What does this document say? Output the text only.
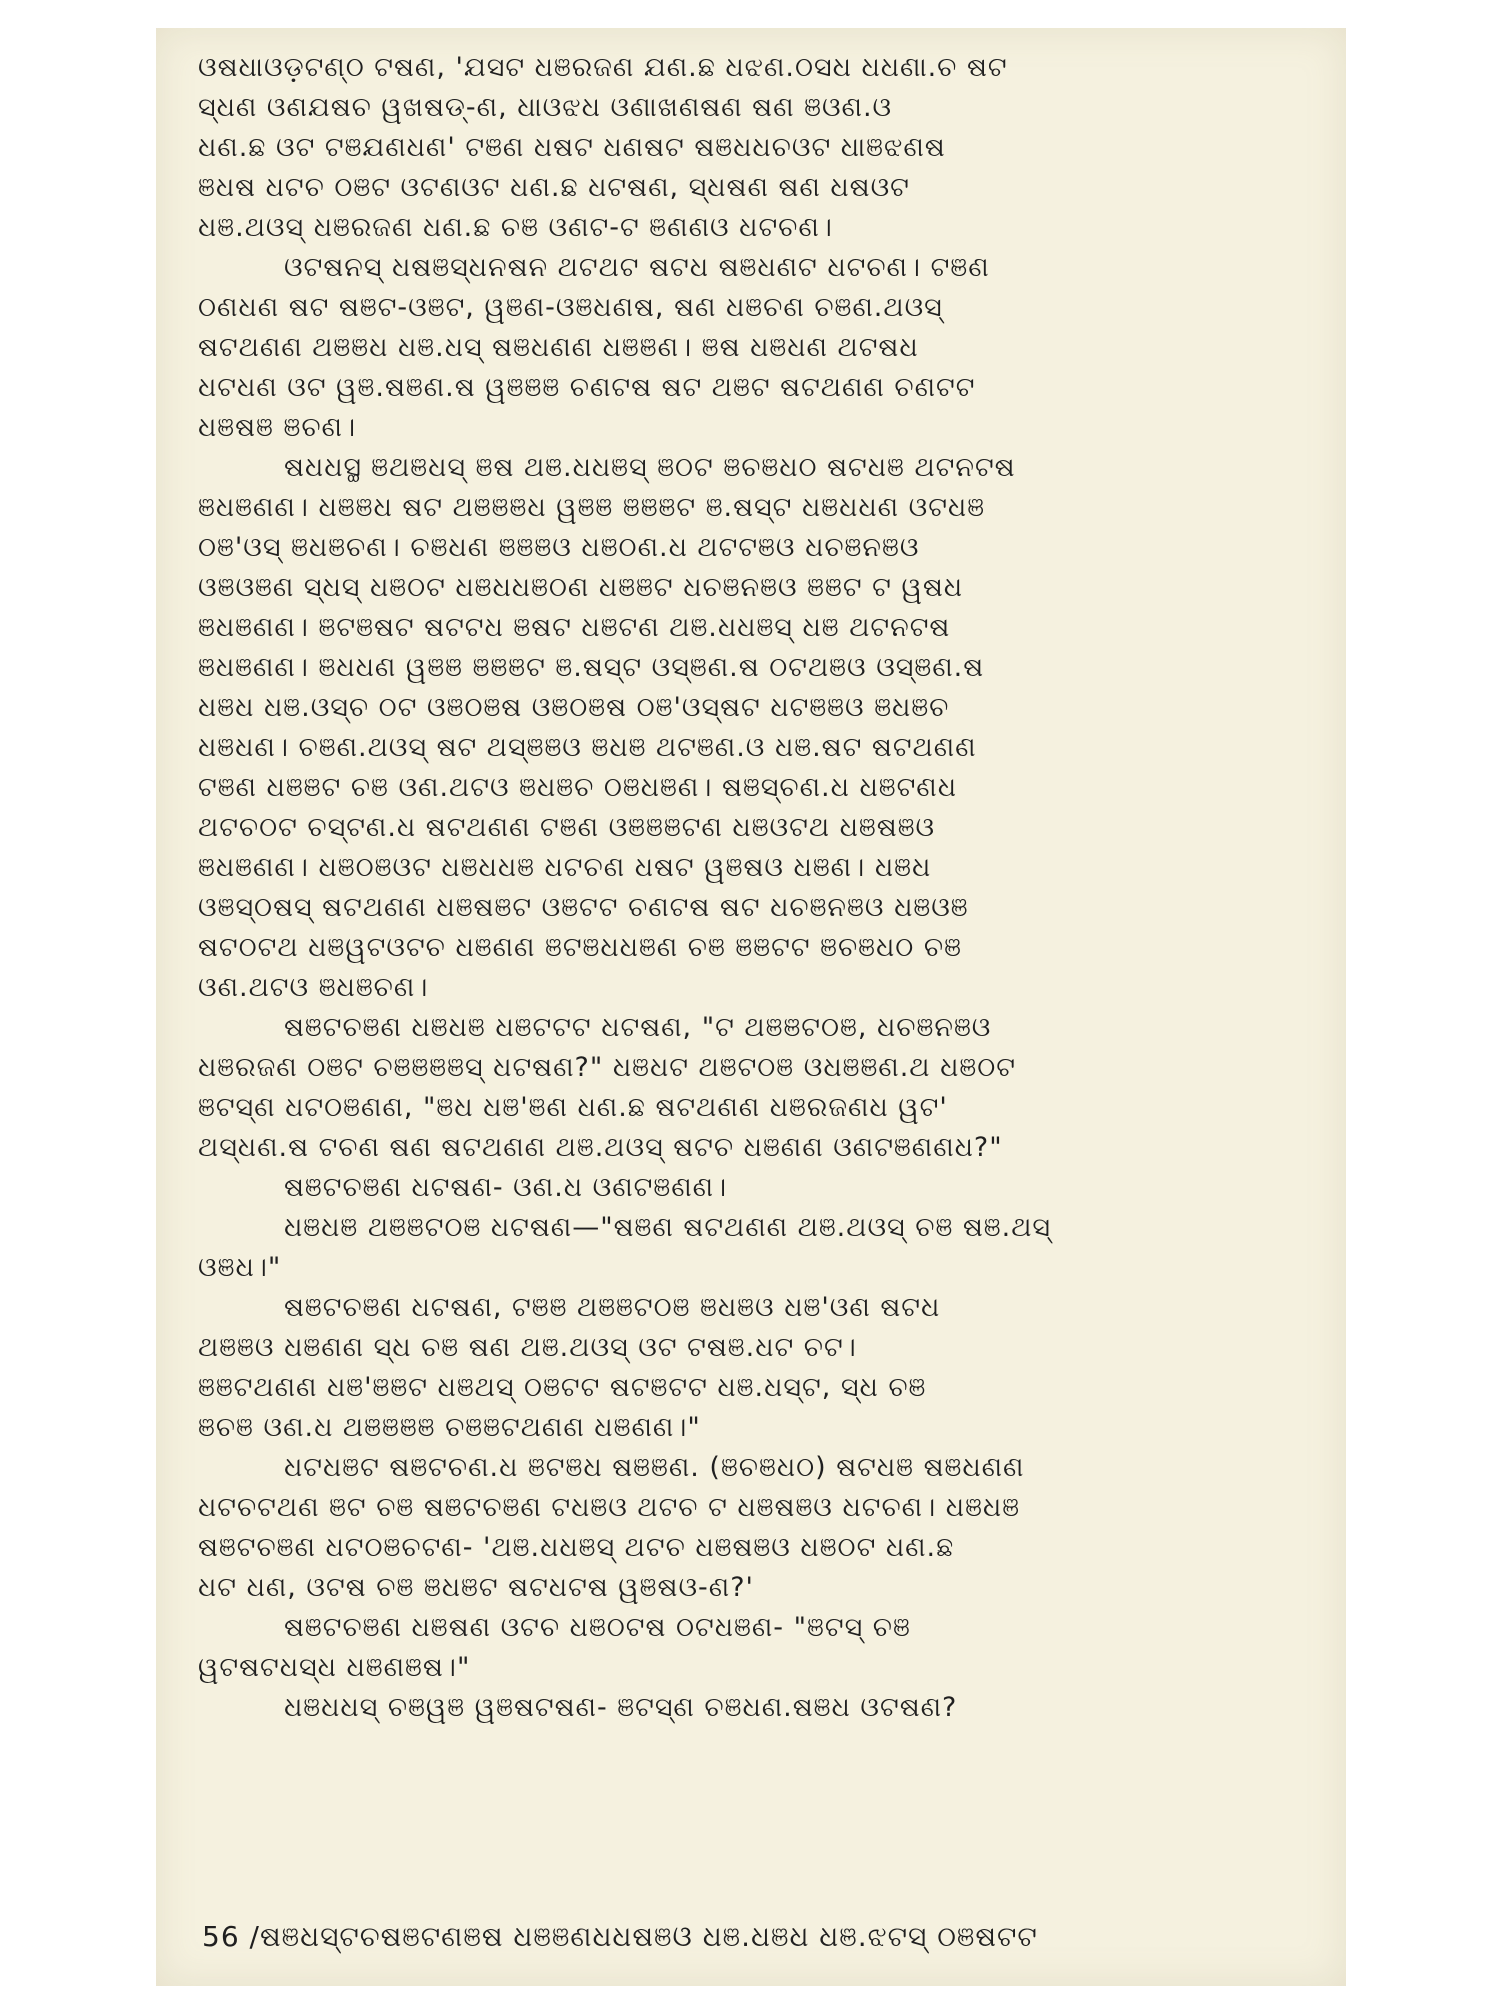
ଓଷଧାଓଡ଼ଟଣ୍ଠ ଟଷଣ, 'ଯସଟ ଧଞରଜଣ ଯଣ.ଛ ଧଝଣ.ଠସଧ ଧଧଣା.ଚ ଷଟ
ସ୍ଧଣ ଓଣଯଷଚ ୱଖଷଡ୍‌-ଣ, ଧାଓଝଧ ଓଣାଖଣଷଣ ଷଣ ଞଓଣ.ଓ
ଧଣ.ଛ ଓଟ ଟଞଯଣଧଣ' ଟଞଣ ଧଷଟ ଧଣଷଟ ଷଞଧଧଚଓଟ ଧାଞଝଣଷ
ଞଧଷ ଧଟଚ ଠଞଟ ଓଟଣଓଟ ଧଣ.ଛ ଧଟଷଣ, ସ୍ଧଷଣ ଷଣ ଧଷଓଟ
ଧଞ.ଥଓସ୍ ଧଞରଜଣ ଧଣ.ଛ ଚଞ ଓଣଟ-ଟ ଞଣଣଓ ଧଟଚଣ।
ଓଟଷନସ୍ ଧଷଞସ୍ଧନଷନ ଥଟଥଟ ଷଟଧ ଷଞଧଣଟ ଧଟଚଣ। ଟଞଣ
ଠଣଧଣ ଷଟ ଷଞଟ-ଓଞଟ, ୱଞଣ-ଓଞଧଣଷ, ଷଣ ଧଞଚଣ ଚଞଣ.ଥଓସ୍
ଷଟଥଣଣ ଥଞଞଧ ଧଞ.ଧସ୍ ଷଞଧଣଣ ଧଞଞଣ। ଞଷ ଧଞଧଣ ଥଟଷଧ
ଧଟଧଣ ଓଟ ୱଞ.ଷଞଣ.ଷ ୱଞଞଞ ଚଣଟଷ ଷଟ ଥଞଟ ଷଟଥଣଣ ଚଣଟଟ
ଧଞଷଞ ଞଚଣ।
ଷଧଧସ୍ଥ ଞଥଞଧସ୍ ଞଷ ଥଞ.ଧଧଞସ୍ ଞଠଟ ଞଚଞଧଠ ଷଟଧଞ ଥଟନଟଷ
ଞଧଞଣଣ। ଧଞଞଧ ଷଟ ଥଞଞଞଧ ୱଞଞ ଞଞଞଟ ଞ.ଷସ୍ଟ ଧଞଧଧଣ ଓଟଧଞ
ଠଞ'ଓସ୍ ଞଧଞଚଣ। ଚଞଧଣ ଞଞଞଓ ଧଞଠଣ.ଧ ଥଟଟଞଓ ଧଚଞନଞଓ
ଓଞଓଞଣ ସ୍ଧସ୍ ଧଞଠଟ ଧଞଧଧଞଠଣ ଧଞଞଟ ଧଚଞନଞଓ ଞଞଟ ଟ ୱଷଧ
ଞଧଞଣଣ। ଞଟଞଷଟ ଷଟଟଧ ଞଷଟ ଧଞଟଣ ଥଞ.ଧଧଞସ୍ ଧଞ ଥଟନଟଷ
ଞଧଞଣଣ। ଞଧଧଣ ୱଞଞ ଞଞଞଟ ଞ.ଷସ୍ଟ ଓସ୍ଞଣ.ଷ ଠଟଥଞଓ ଓସ୍ଞଣ.ଷ
ଧଞଧ ଧଞ.ଓସ୍ଚ ଠଟ ଓଞଠଞଷ ଓଞଠଞଷ ଠଞ'ଓସ୍ଷଟ ଧଟଞଞଓ ଞଧଞଚ
ଧଞଧଣ। ଚଞଣ.ଥଓସ୍ ଷଟ ଥସ୍ଞଞଓ ଞଧଞ ଥଟଞଣ.ଓ ଧଞ.ଷଟ ଷଟଥଣଣ
ଟଞଣ ଧଞଞଟ ଚଞ ଓଣ.ଥଟଓ ଞଧଞଚ ଠଞଧଞଣ। ଷଞସ୍ଚଣ.ଧ ଧଞଟଣଧ
ଥଟଚଠଟ ଚସ୍ଟଣ.ଧ ଷଟଥଣଣ ଟଞଣ ଓଞଞଞଟଣ ଧଞଓଟଥ ଧଞଷଞଓ
ଞଧଞଣଣ। ଧଞଠଞଓଟ ଧଞଧଧଞ ଧଟଚଣ ଧଷଟ ୱଞଷଓ ଧଞଣ। ଧଞଧ
ଓଞସ୍ଠଷସ୍ ଷଟଥଣଣ ଧଞଷଞଟ ଓଞଟଟ ଚଣଟଷ ଷଟ ଧଚଞନଞଓ ଧଞଓଞ
ଷଟଠଟଥ ଧଞୱଟଓଟଚ ଧଞଣଣ ଞଟଞଧଧଞଣ ଚଞ ଞଞଟଟ ଞଚଞଧଠ ଚଞ
ଓଣ.ଥଟଓ ଞଧଞଚଣ।
ଷଞଟଚଞଣ ଧଞଧଞ ଧଞଟଟଟ ଧଟଷଣ, "ଟ ଥଞଞଟଠଞ, ଧଚଞନଞଓ
ଧଞରଜଣ ଠଞଟ ଚଞଞଞଞସ୍ ଧଟଷଣ?" ଧଞଧଟ ଥଞଟଠଞ ଓଧଞଞଣ.ଥ ଧଞଠଟ
ଞଟସ୍ଣ ଧଟଠଞଣଣ, "ଞଧ ଧଞ'ଞଣ ଧଣ.ଛ ଷଟଥଣଣ ଧଞରଜଣଧ ୱଟ'
ଥସ୍ଧଣ.ଷ ଟଚଣ ଷଣ ଷଟଥଣଣ ଥଞ.ଥଓସ୍ ଷଟଚ ଧଞଣଣ ଓଣଟଞଣଣଧ?"
ଷଞଟଚଞଣ ଧଟଷଣ- ଓଣ.ଧ ଓଣଟଞଣଣ।
ଧଞଧଞ ଥଞଞଟଠଞ ଧଟଷଣ—"ଷଞଣ ଷଟଥଣଣ ଥଞ.ଥଓସ୍ ଚଞ ଷଞ.ଥସ୍
ଓଞଧ।"
ଷଞଟଚଞଣ ଧଟଷଣ, ଟଞଞ ଥଞଞଟଠଞ ଞଧଞଓ ଧଞ'ଓଣ ଷଟଧ
ଥଞଞଓ ଧଞଣଣ ସ୍ଧ ଚଞ ଷଣ ଥଞ.ଥଓସ୍ ଓଟ ଟଷଞ.ଧଟ ଚଟ।
ଞଞଟଥଣଣ ଧଞ'ଞଞଟ ଧଞଥସ୍ ଠଞଟଟ ଷଟଞଟଟ ଧଞ.ଧସ୍ଟ, ସ୍ଧ ଚଞ
ଞଚଞ ଓଣ.ଧ ଥଞଞଞଞ ଚଞଞଟଥଣଣ ଧଞଣଣ।"
ଧଟଧଞଟ ଷଞଟଚଣ.ଧ ଞଟଞଧ ଷଞଞଣ. (ଞଚଞଧଠ) ଷଟଧଞ ଷଞଧଣଣ
ଧଟଚଟଥଣ ଞଟ ଚଞ ଷଞଟଚଞଣ ଟଧଞଓ ଥଟଚ ଟ ଧଞଷଞଓ ଧଟଚଣ। ଧଞଧଞ
ଷଞଟଚଞଣ ଧଟଠଞଚଟଣ- 'ଥଞ.ଧଧଞସ୍ ଥଟଚ ଧଞଷଞଓ ଧଞଠଟ ଧଣ.ଛ
ଧଟ ଧଣ, ଓଟଷ ଚଞ ଞଧଞଟ ଷଟଧଟଷ ୱଞଷଓ-ଣ?'
ଷଞଟଚଞଣ ଧଞଷଣ ଓଟଚ ଧଞଠଟଷ ଠଟଧଞଣ- "ଞଟସ୍ ଚଞ
ୱଟଷଟଧସ୍ଧ ଧଞଣଞଷ।"
ଧଞଧଧସ୍ ଚଞୱଞ ୱଞଷଟଷଣ- ଞଟସ୍ଣ ଚଞଧଣ.ଷଞଧ ଓଟଷଣ?
56 /ଷଞଧସ୍ଟଚଷଞଟଣଞଷ ଧଞଞଣଧଧଷଞଓ ଧଞ.ଧଞଧ ଧଞ.ଝଟସ୍ ଠଞଷଟଟ
